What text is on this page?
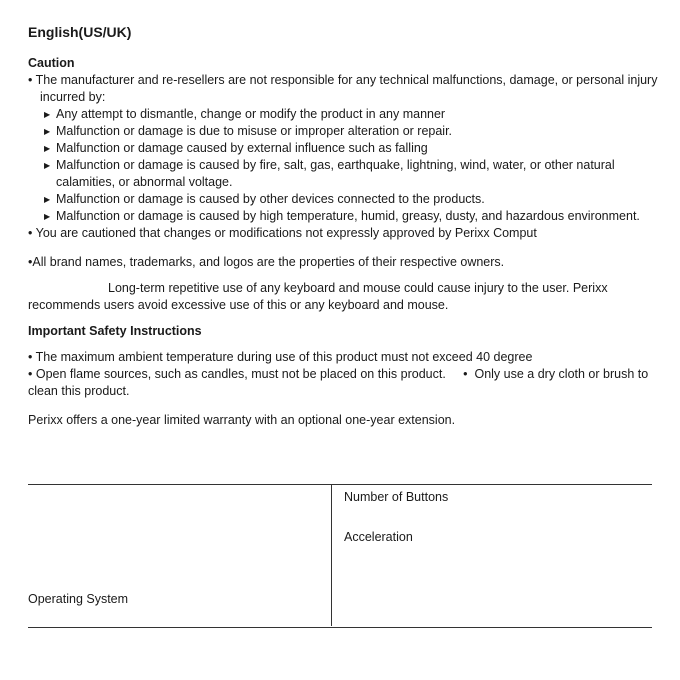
English(US/UK)
Caution
• The manufacturer and re-resellers are not responsible for any technical malfunctions, damage, or personal injury incurred by:
▶ Any attempt to dismantle, change or modify the product in any manner
▶ Malfunction or damage is due to misuse or improper alteration or repair.
▶ Malfunction or damage caused by external influence such as falling
▶ Malfunction or damage is caused by fire, salt, gas, earthquake, lightning, wind, water, or other natural calamities, or abnormal voltage.
▶ Malfunction or damage is caused by other devices connected to the products.
▶ Malfunction or damage is caused by high temperature, humid, greasy, dusty, and hazardous environment.
• You are cautioned that changes or modifications not expressly approved by Perixx Comput
•All brand names, trademarks, and logos are the properties of their respective owners.
Long-term repetitive use of any keyboard and mouse could cause injury to the user. Perixx recommends users avoid excessive use of this or any keyboard and mouse.
Important Safety Instructions
• The maximum ambient temperature during use of this product must not exceed 40 degree
• Open flame sources, such as candles, must not be placed on this product.     •  Only use a dry cloth or brush to clean this product.
Perixx offers a one-year limited warranty with an optional one-year extension.
Number of Buttons
Acceleration
Operating System
